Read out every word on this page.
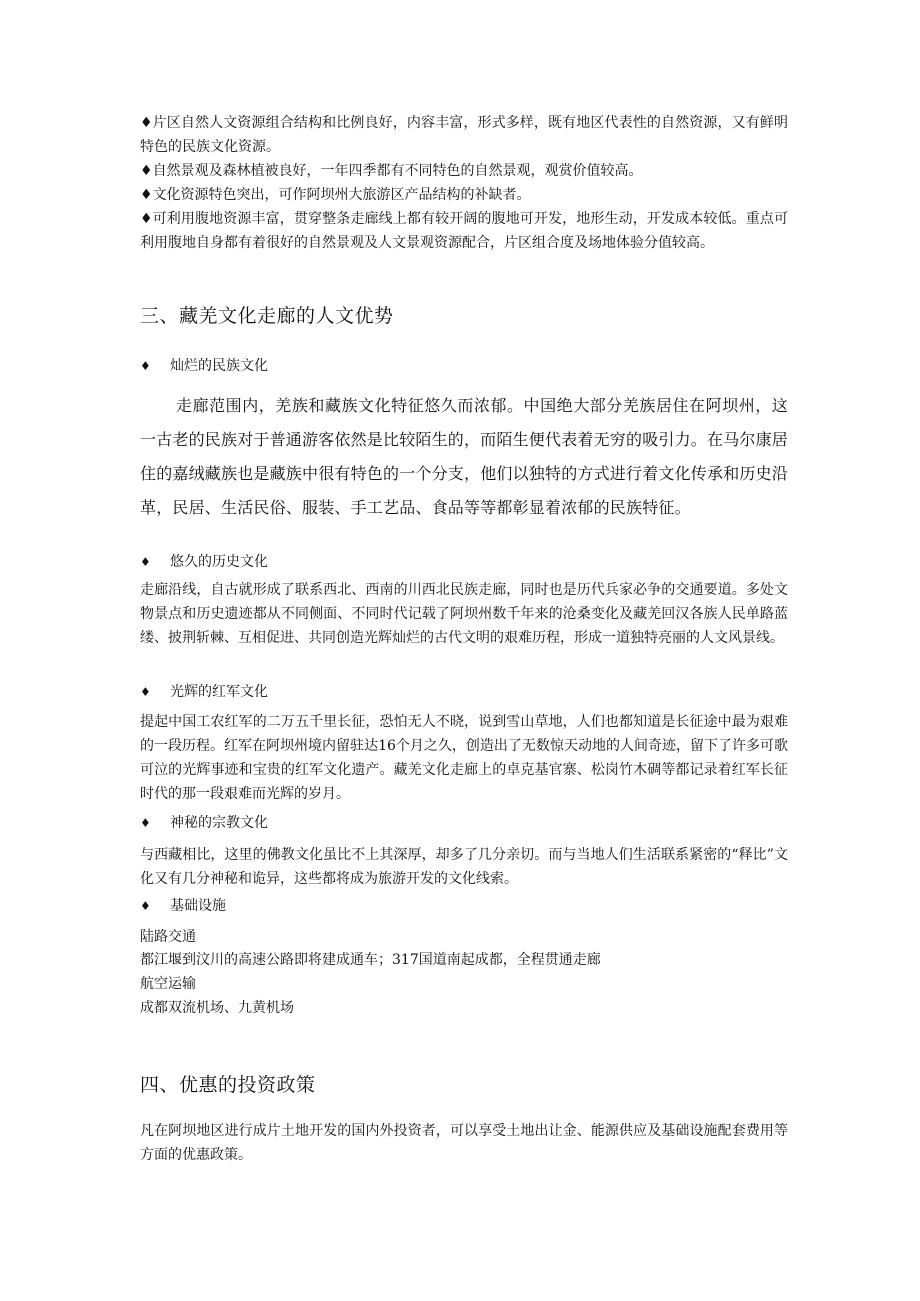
♦片区自然人文资源组合结构和比例良好，内容丰富，形式多样，既有地区代表性的自然资源，又有鲜明特色的民族文化资源。
♦自然景观及森林植被良好，一年四季都有不同特色的自然景观，观赏价值较高。
♦文化资源特色突出，可作阿坝州大旅游区产品结构的补缺者。
♦可利用腹地资源丰富，贯穿整条走廊线上都有较开阔的腹地可开发，地形生动，开发成本较低。重点可利用腹地自身都有着很好的自然景观及人文景观资源配合，片区组合度及场地体验分值较高。
三、藏羌文化走廊的人文优势
♦ 灿烂的民族文化
走廊范围内，羌族和藏族文化特征悠久而浓郁。中国绝大部分羌族居住在阿坝州，这一古老的民族对于普通游客依然是比较陌生的，而陌生便代表着无穷的吸引力。在马尔康居住的嘉绒藏族也是藏族中很有特色的一个分支，他们以独特的方式进行着文化传承和历史沿革，民居、生活民俗、服装、手工艺品、食品等等都彰显着浓郁的民族特征。
♦ 悠久的历史文化
走廊沿线，自古就形成了联系西北、西南的川西北民族走廊，同时也是历代兵家必争的交通要道。多处文物景点和历史遗迹都从不同侧面、不同时代记载了阿坝州数千年来的沧桑变化及藏羌回汉各族人民单路蓝缕、披荆斩棘、互相促进、共同创造光辉灿烂的古代文明的艰难历程，形成一道独特亮丽的人文风景线。
♦ 光辉的红军文化
提起中国工农红军的二万五千里长征，恐怕无人不晓，说到雪山草地，人们也都知道是长征途中最为艰难的一段历程。红军在阿坝州境内留驻达16个月之久，创造出了无数惊天动地的人间奇迹，留下了许多可歌可泣的光辉事迹和宝贵的红军文化遗产。藏羌文化走廊上的卓克基官寨、松岗竹木碉等都记录着红军长征时代的那一段艰难而光辉的岁月。
♦ 神秘的宗教文化
与西藏相比，这里的佛教文化虽比不上其深厚，却多了几分亲切。而与当地人们生活联系紧密的“释比”文化又有几分神秘和诡异，这些都将成为旅游开发的文化线索。
♦ 基础设施
陆路交通
都江堰到汶川的高速公路即将建成通车；317国道南起成都，全程贯通走廊
航空运输
成都双流机场、九黄机场
四、优惠的投资政策
凡在阿坝地区进行成片土地开发的国内外投资者，可以享受土地出让金、能源供应及基础设施配套费用等方面的优惠政策。
